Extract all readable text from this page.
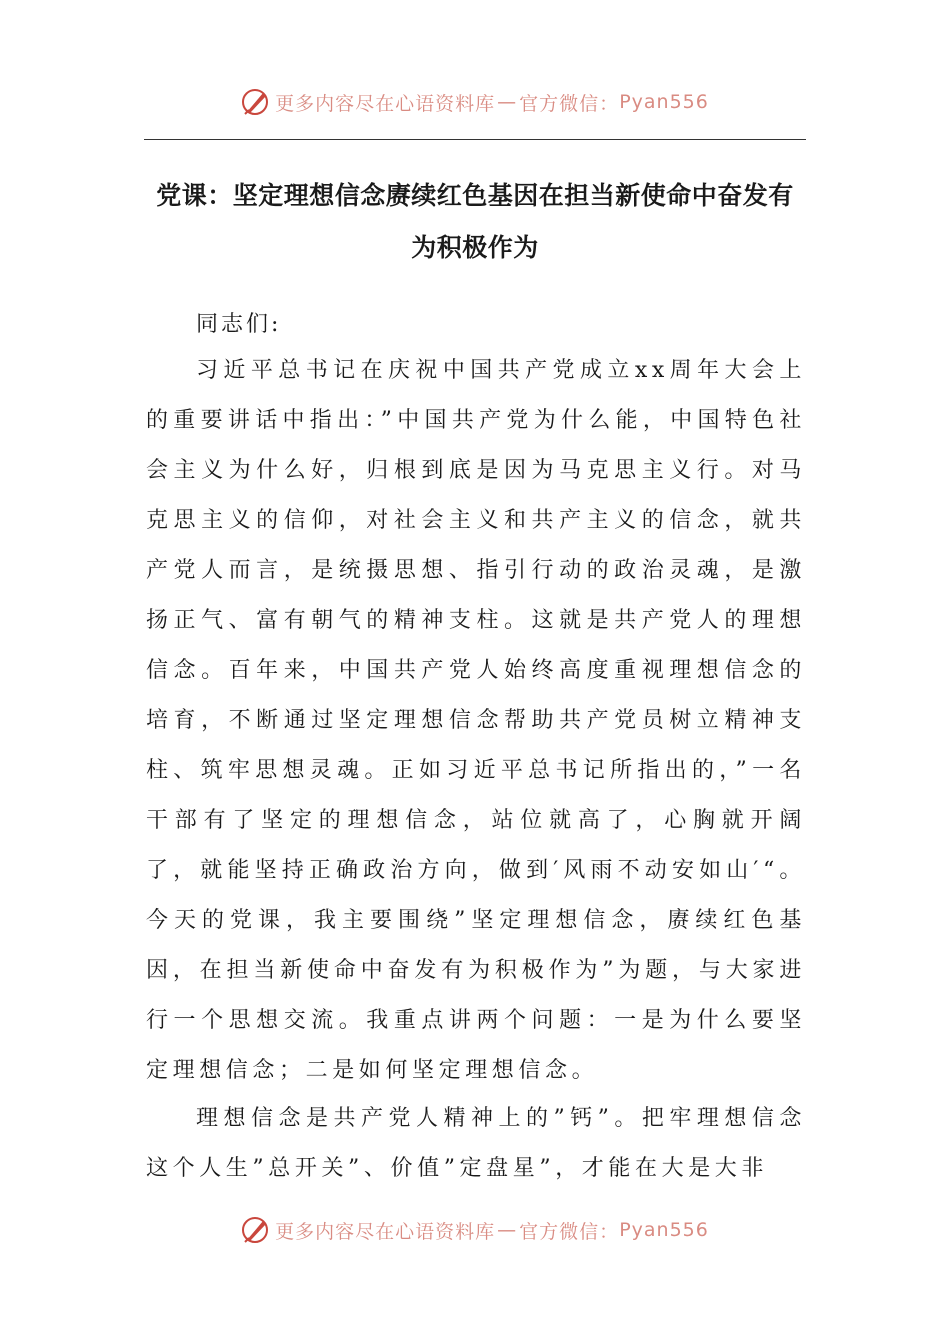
更多内容尽在心语资料库 — 官方微信： Pyan556
党课：坚定理想信念赓续红色基因在担当新使命中奋发有为积极作为

同志们:

习近平总书记在庆祝中国共产党成立xx周年大会上的重要讲话中指出：”中国共产党为什么能，中国特色社会主义为什么好，归根到底是因为马克思主义行。对马克思主义的信仰，对社会主义和共产主义的信念，就共产党人而言，是统摄思想、指引行动的政治灵魂，是激扬正气、富有朝气的精神支柱。这就是共产党人的理想信念。百年来，中国共产党人始终高度重视理想信念的培育，不断通过坚定理想信念帮助共产党员树立精神支柱、筑牢思想灵魂。正如习近平总书记所指出的，”一名干部有了坚定的理想信念，站位就高了，心胸就开阔了，就能坚持正确政治方向，做到′风雨不动安如山′“。今天的党课，我主要围绕”坚定理想信念，赓续红色基因，在担当新使命中奋发有为积极作为”为题，与大家进行一个思想交流。我重点讲两个问题：一是为什么要坚定理想信念；二是如何坚定理想信念。

理想信念是共产党人精神上的”钙”。把牢理想信念这个人生”总开关”、价值”定盘星”，才能在大是大非

更多内容尽在心语资料库 — 官方微信： Pyan556
